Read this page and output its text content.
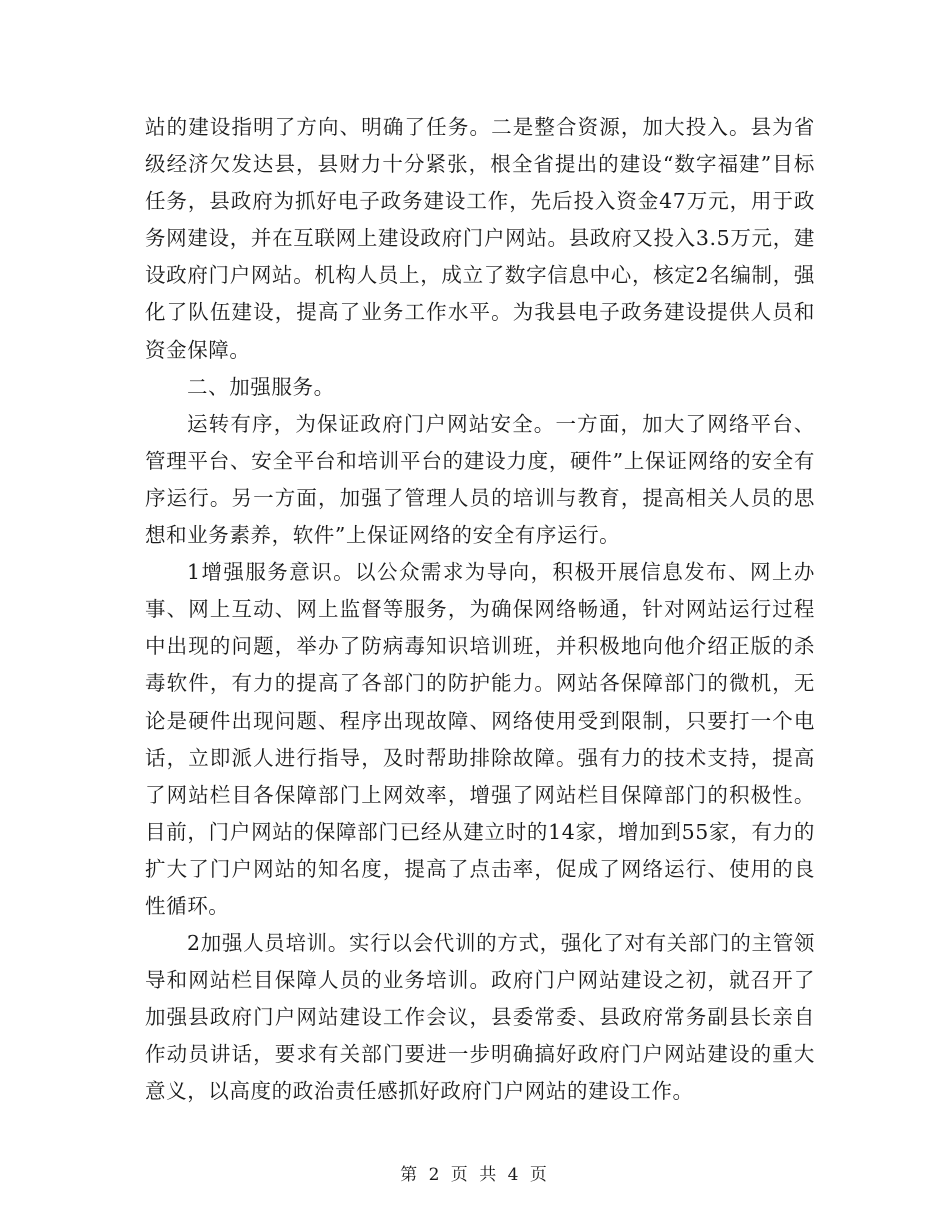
站的建设指明了方向、明确了任务。二是整合资源，加大投入。县为省级经济欠发达县，县财力十分紧张，根全省提出的建设“数字福建”目标任务，县政府为抓好电子政务建设工作，先后投入资金47万元，用于政务网建设，并在互联网上建设政府门户网站。县政府又投入3.5万元，建设政府门户网站。机构人员上，成立了数字信息中心，核定2名编制，强化了队伍建设，提高了业务工作水平。为我县电子政务建设提供人员和资金保障。

二、加强服务。

运转有序，为保证政府门户网站安全。一方面，加大了网络平台、管理平台、安全平台和培训平台的建设力度，硬件”上保证网络的安全有序运行。另一方面，加强了管理人员的培训与教育，提高相关人员的思想和业务素养，软件”上保证网络的安全有序运行。

1增强服务意识。以公众需求为导向，积极开展信息发布、网上办事、网上互动、网上监督等服务，为确保网络畅通，针对网站运行过程中出现的问题，举办了防病毒知识培训班，并积极地向他介绍正版的杀毒软件，有力的提高了各部门的防护能力。网站各保障部门的微机，无论是硬件出现问题、程序出现故障、网络使用受到限制，只要打一个电话，立即派人进行指导，及时帮助排除故障。强有力的技术支持，提高了网站栏目各保障部门上网效率，增强了网站栏目保障部门的积极性。目前，门户网站的保障部门已经从建立时的14家，增加到55家，有力的扩大了门户网站的知名度，提高了点击率，促成了网络运行、使用的良性循环。

2加强人员培训。实行以会代训的方式，强化了对有关部门的主管领导和网站栏目保障人员的业务培训。政府门户网站建设之初，就召开了加强县政府门户网站建设工作会议，县委常委、县政府常务副县长亲自作动员讲话，要求有关部门要进一步明确搞好政府门户网站建设的重大意义，以高度的政治责任感抓好政府门户网站的建设工作。

第 2 页 共 4 页
